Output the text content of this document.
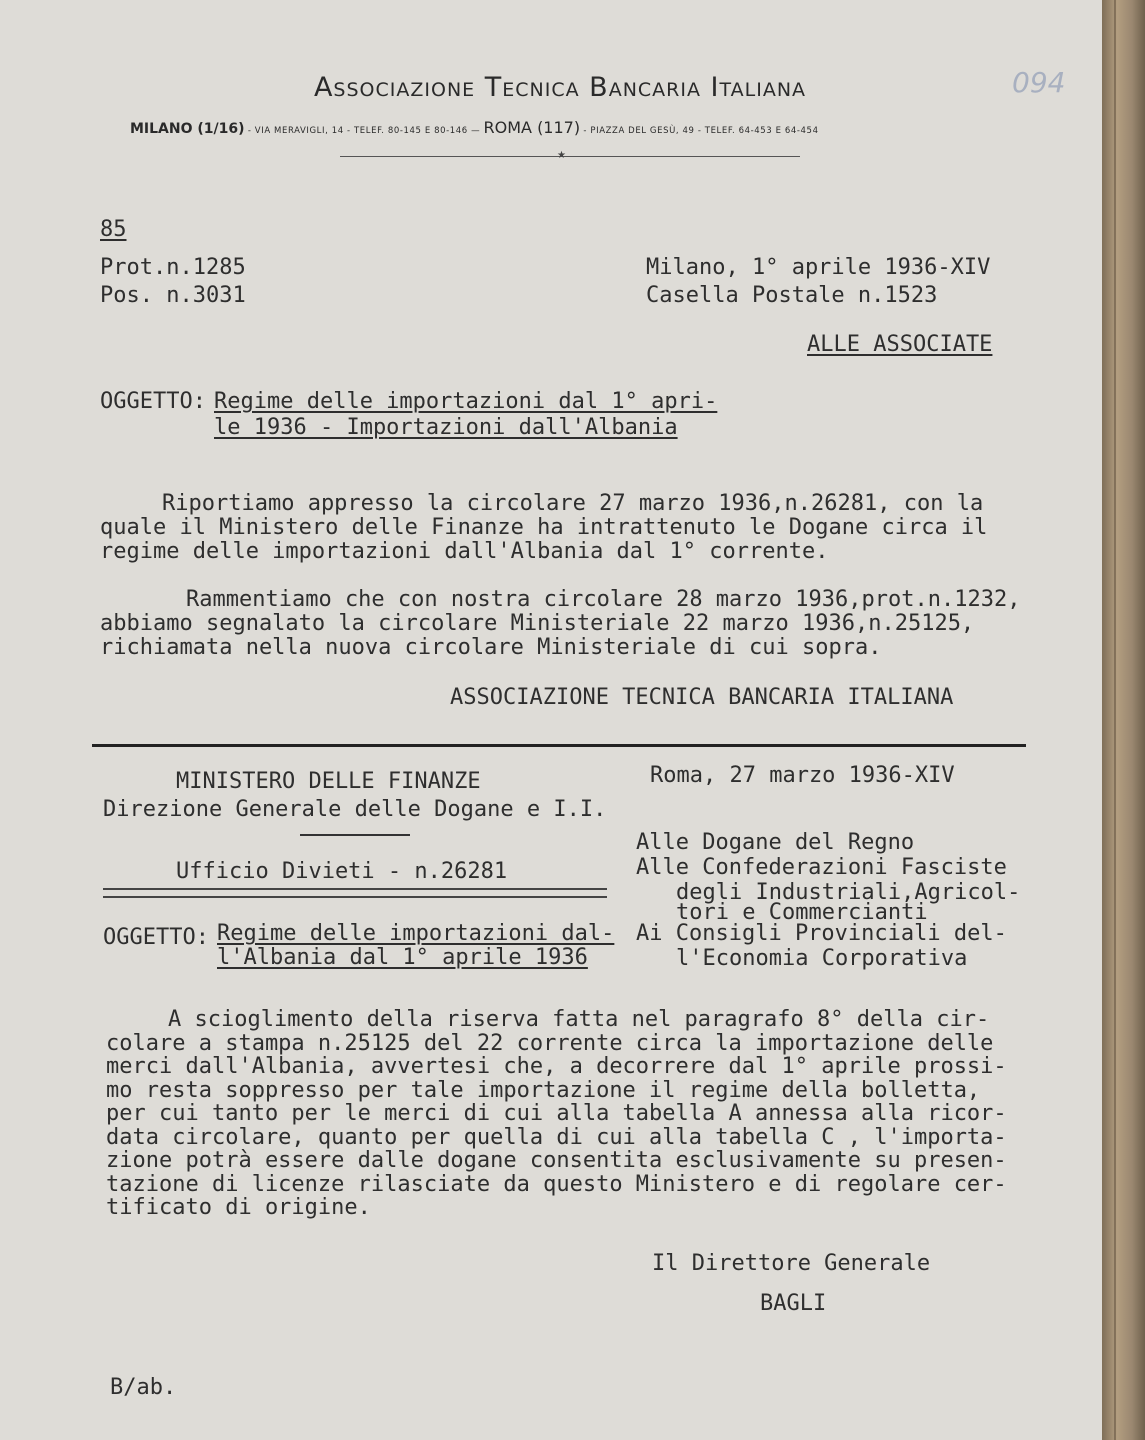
Associazione Tecnica Bancaria Italiana
MILANO (1/16) - VIA MERAVIGLI, 14 - TELEF. 80-145 E 80-146 — ROMA (117) - PIAZZA DEL GESÙ, 49 - TELEF. 64-453 E 64-454
★
094
85
Prot.n.1285
Pos. n.3031
Milano, 1° aprile 1936-XIV
Casella Postale n.1523
ALLE ASSOCIATE
OGGETTO: Regime delle importazioni dal 1° apri-
le 1936 - Importazioni dall'Albania
Riportiamo appresso la circolare 27 marzo 1936,n.26281, con la
quale il Ministero delle Finanze ha intrattenuto le Dogane circa il
regime delle importazioni dall'Albania dal 1° corrente.
Rammentiamo che con nostra circolare 28 marzo 1936,prot.n.1232,
abbiamo segnalato la circolare Ministeriale 22 marzo 1936,n.25125,
richiamata nella nuova circolare Ministeriale di cui sopra.
ASSOCIAZIONE TECNICA BANCARIA ITALIANA
MINISTERO DELLE FINANZE
Direzione Generale delle Dogane e I.I.
Ufficio Divieti - n.26281
Roma, 27 marzo 1936-XIV
Alle Dogane del Regno
Alle Confederazioni Fasciste
degli Industriali,Agricol-
tori e Commercianti
Ai Consigli Provinciali del-
l'Economia Corporativa
OGGETTO: Regime delle importazioni dal-
l'Albania dal 1° aprile 1936
A scioglimento della riserva fatta nel paragrafo 8° della cir-
colare a stampa n.25125 del 22 corrente circa la importazione delle
merci dall'Albania, avvertesi che, a decorrere dal 1° aprile prossi-
mo resta soppresso per tale importazione il regime della bolletta,
per cui tanto per le merci di cui alla tabella A annessa alla ricor-
data circolare, quanto per quella di cui alla tabella C , l'importa-
zione potrà essere dalle dogane consentita esclusivamente su presen-
tazione di licenze rilasciate da questo Ministero e di regolare cer-
tificato di origine.
Il Direttore Generale
BAGLI
B/ab.
